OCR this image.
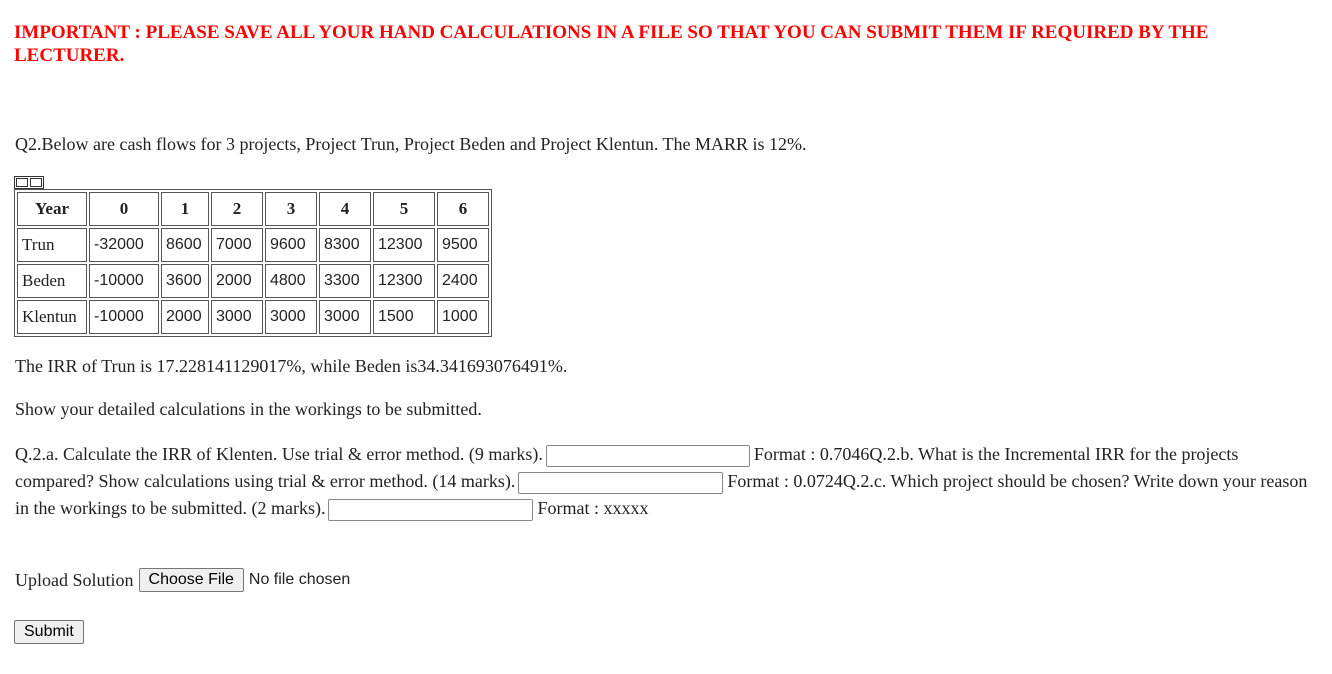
IMPORTANT : PLEASE SAVE ALL YOUR HAND CALCULATIONS IN A FILE SO THAT YOU CAN SUBMIT THEM IF REQUIRED BY THE LECTURER.
Q2.Below are cash flows for 3 projects, Project Trun, Project Beden and Project Klentun. The MARR is 12%.
Year	0	1	2	3	4	5	6
Trun	-32000	8600	7000	9600	8300	12300	9500
Beden	-10000	3600	2000	4800	3300	12300	2400
Klentun	-10000	2000	3000	3000	3000	1500	1000
The IRR of Trun is 17.228141129017%, while Beden is34.341693076491%.
Show your detailed calculations in the workings to be submitted.
Q.2.a. Calculate the IRR of Klenten. Use trial & error method. (9 marks).	Format : 0.7046Q.2.b. What is the Incremental IRR for the projects compared? Show calculations using trial & error method. (14 marks).	Format : 0.0724Q.2.c. Which project should be chosen? Write down your reason in the workings to be submitted. (2 marks).	Format : xxxxx
Upload Solution Choose File No file chosen
Submit
